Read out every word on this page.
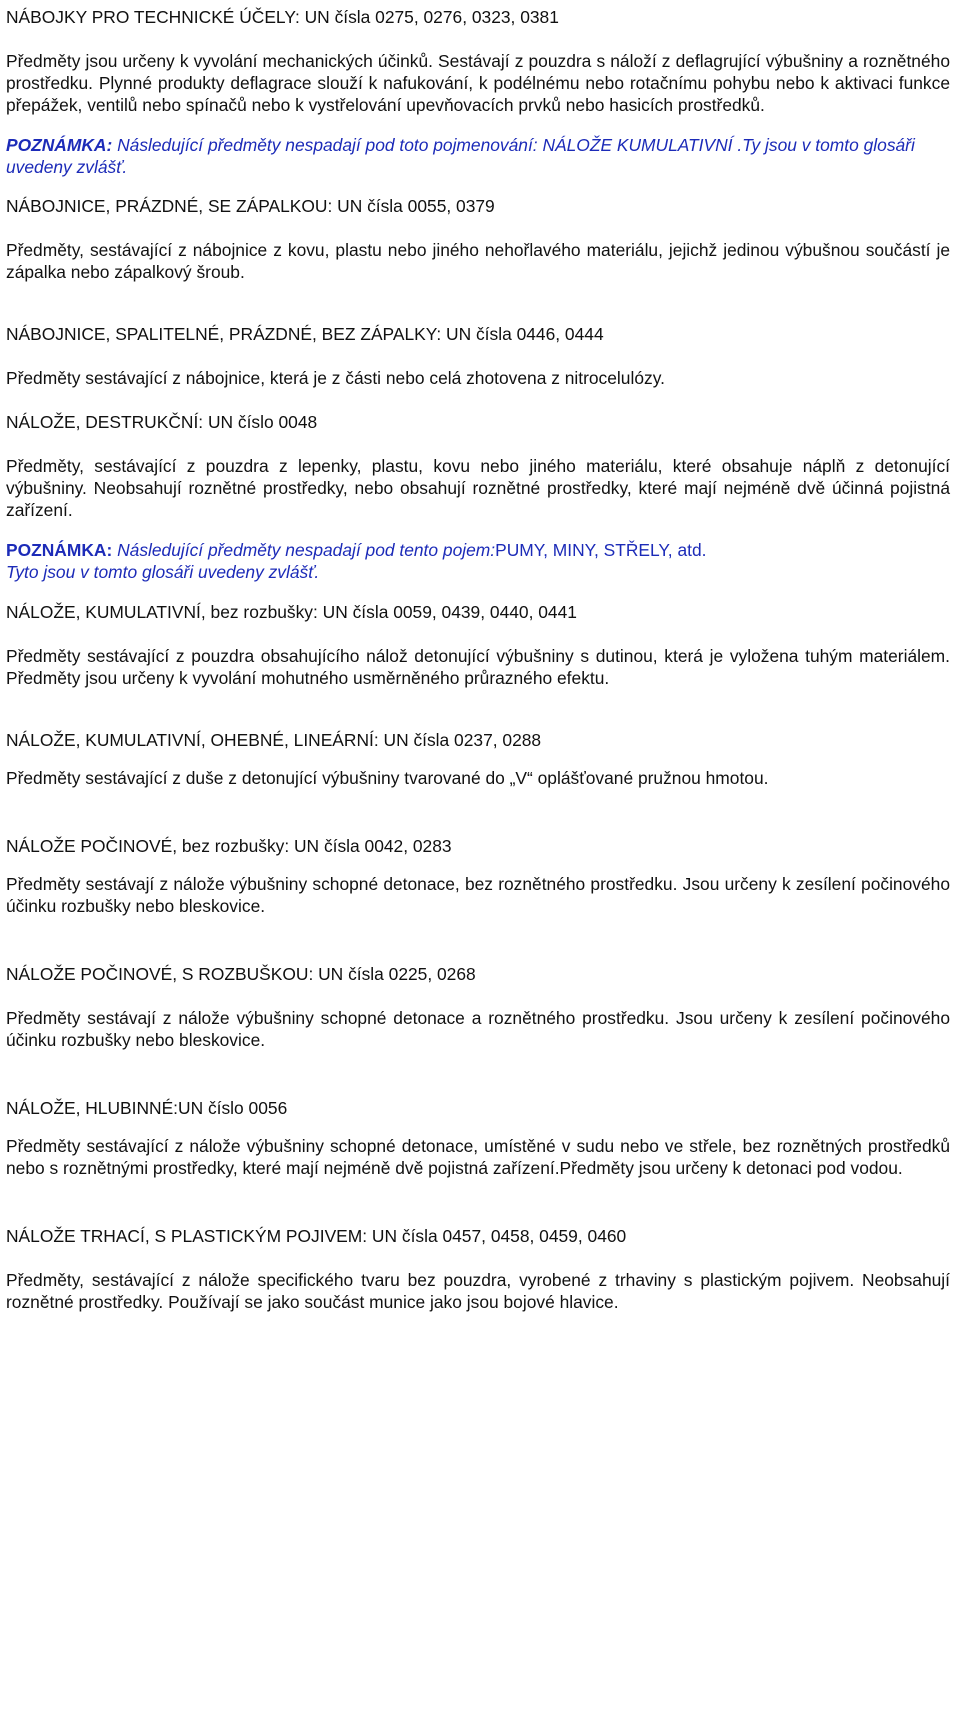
NÁBOJKY PRO TECHNICKÉ ÚČELY: UN čísla 0275, 0276, 0323, 0381

Předměty jsou určeny k vyvolání mechanických účinků. Sestávají z pouzdra s náloží z deflagrující výbušniny a roznětného prostředku. Plynné produkty deflagrace slouží k nafukování, k podélnému nebo rotačnímu pohybu nebo k aktivaci funkce přepážek, ventilů nebo spínačů nebo k vystřelování upevňovacích prvků nebo hasicích prostředků.

POZNÁMKA: Následující předměty nespadají pod toto pojmenování: NÁLOŽE KUMULATIVNÍ .Ty jsou v tomto glosáři uvedeny zvlášť.

NÁBOJNICE, PRÁZDNÉ, SE ZÁPALKOU: UN čísla 0055, 0379

Předměty, sestávající z nábojnice z kovu, plastu nebo jiného nehořlavého materiálu, jejichž jedinou výbušnou součástí je zápalka nebo zápalkový šroub.

NÁBOJNICE, SPALITELNÉ, PRÁZDNÉ, BEZ ZÁPALKY: UN čísla 0446, 0444

Předměty sestávající z nábojnice, která je z části nebo celá zhotovena z nitrocelulózy.

NÁLOŽE, DESTRUKČNÍ: UN číslo 0048

Předměty, sestávající z pouzdra z lepenky, plastu, kovu nebo jiného materiálu, které obsahuje náplň z detonující výbušniny. Neobsahují roznětné prostředky, nebo obsahují roznětné prostředky, které mají nejméně dvě účinná pojistná zařízení.

POZNÁMKA: Následující předměty nespadají pod tento pojem:PUMY, MINY, STŘELY, atd.
Tyto jsou v tomto glosáři uvedeny zvlášť.

NÁLOŽE, KUMULATIVNÍ, bez rozbušky: UN čísla 0059, 0439, 0440, 0441

Předměty sestávající z pouzdra obsahujícího nálož detonující výbušniny s dutinou, která je vyložena tuhým materiálem. Předměty jsou určeny k vyvolání mohutného usměrněného průrazného efektu.

NÁLOŽE, KUMULATIVNÍ, OHEBNÉ, LINEÁRNÍ: UN čísla 0237, 0288

Předměty sestávající z duše z detonující výbušniny tvarované do „V“ oplášťované pružnou hmotou.

NÁLOŽE POČINOVÉ, bez rozbušky: UN čísla 0042, 0283

Předměty sestávají z nálože výbušniny schopné detonace, bez roznětného prostředku. Jsou určeny k zesílení počinového účinku rozbušky nebo bleskovice.

NÁLOŽE POČINOVÉ, S ROZBUŠKOU: UN čísla 0225, 0268

Předměty sestávají z nálože výbušniny schopné detonace a roznětného prostředku. Jsou určeny k zesílení počinového účinku rozbušky nebo bleskovice.

NÁLOŽE, HLUBINNÉ:UN číslo 0056

Předměty sestávající z nálože výbušniny schopné detonace, umístěné v sudu nebo ve střele, bez roznětných prostředků nebo s roznětnými prostředky, které mají nejméně dvě pojistná zařízení.Předměty jsou určeny k detonaci pod vodou.

NÁLOŽE TRHACÍ, S PLASTICKÝM POJIVEM: UN čísla 0457, 0458, 0459, 0460

Předměty, sestávající z nálože specifického tvaru bez pouzdra, vyrobené z trhaviny s plastickým pojivem. Neobsahují roznětné prostředky. Používají se jako součást munice jako jsou bojové hlavice.
